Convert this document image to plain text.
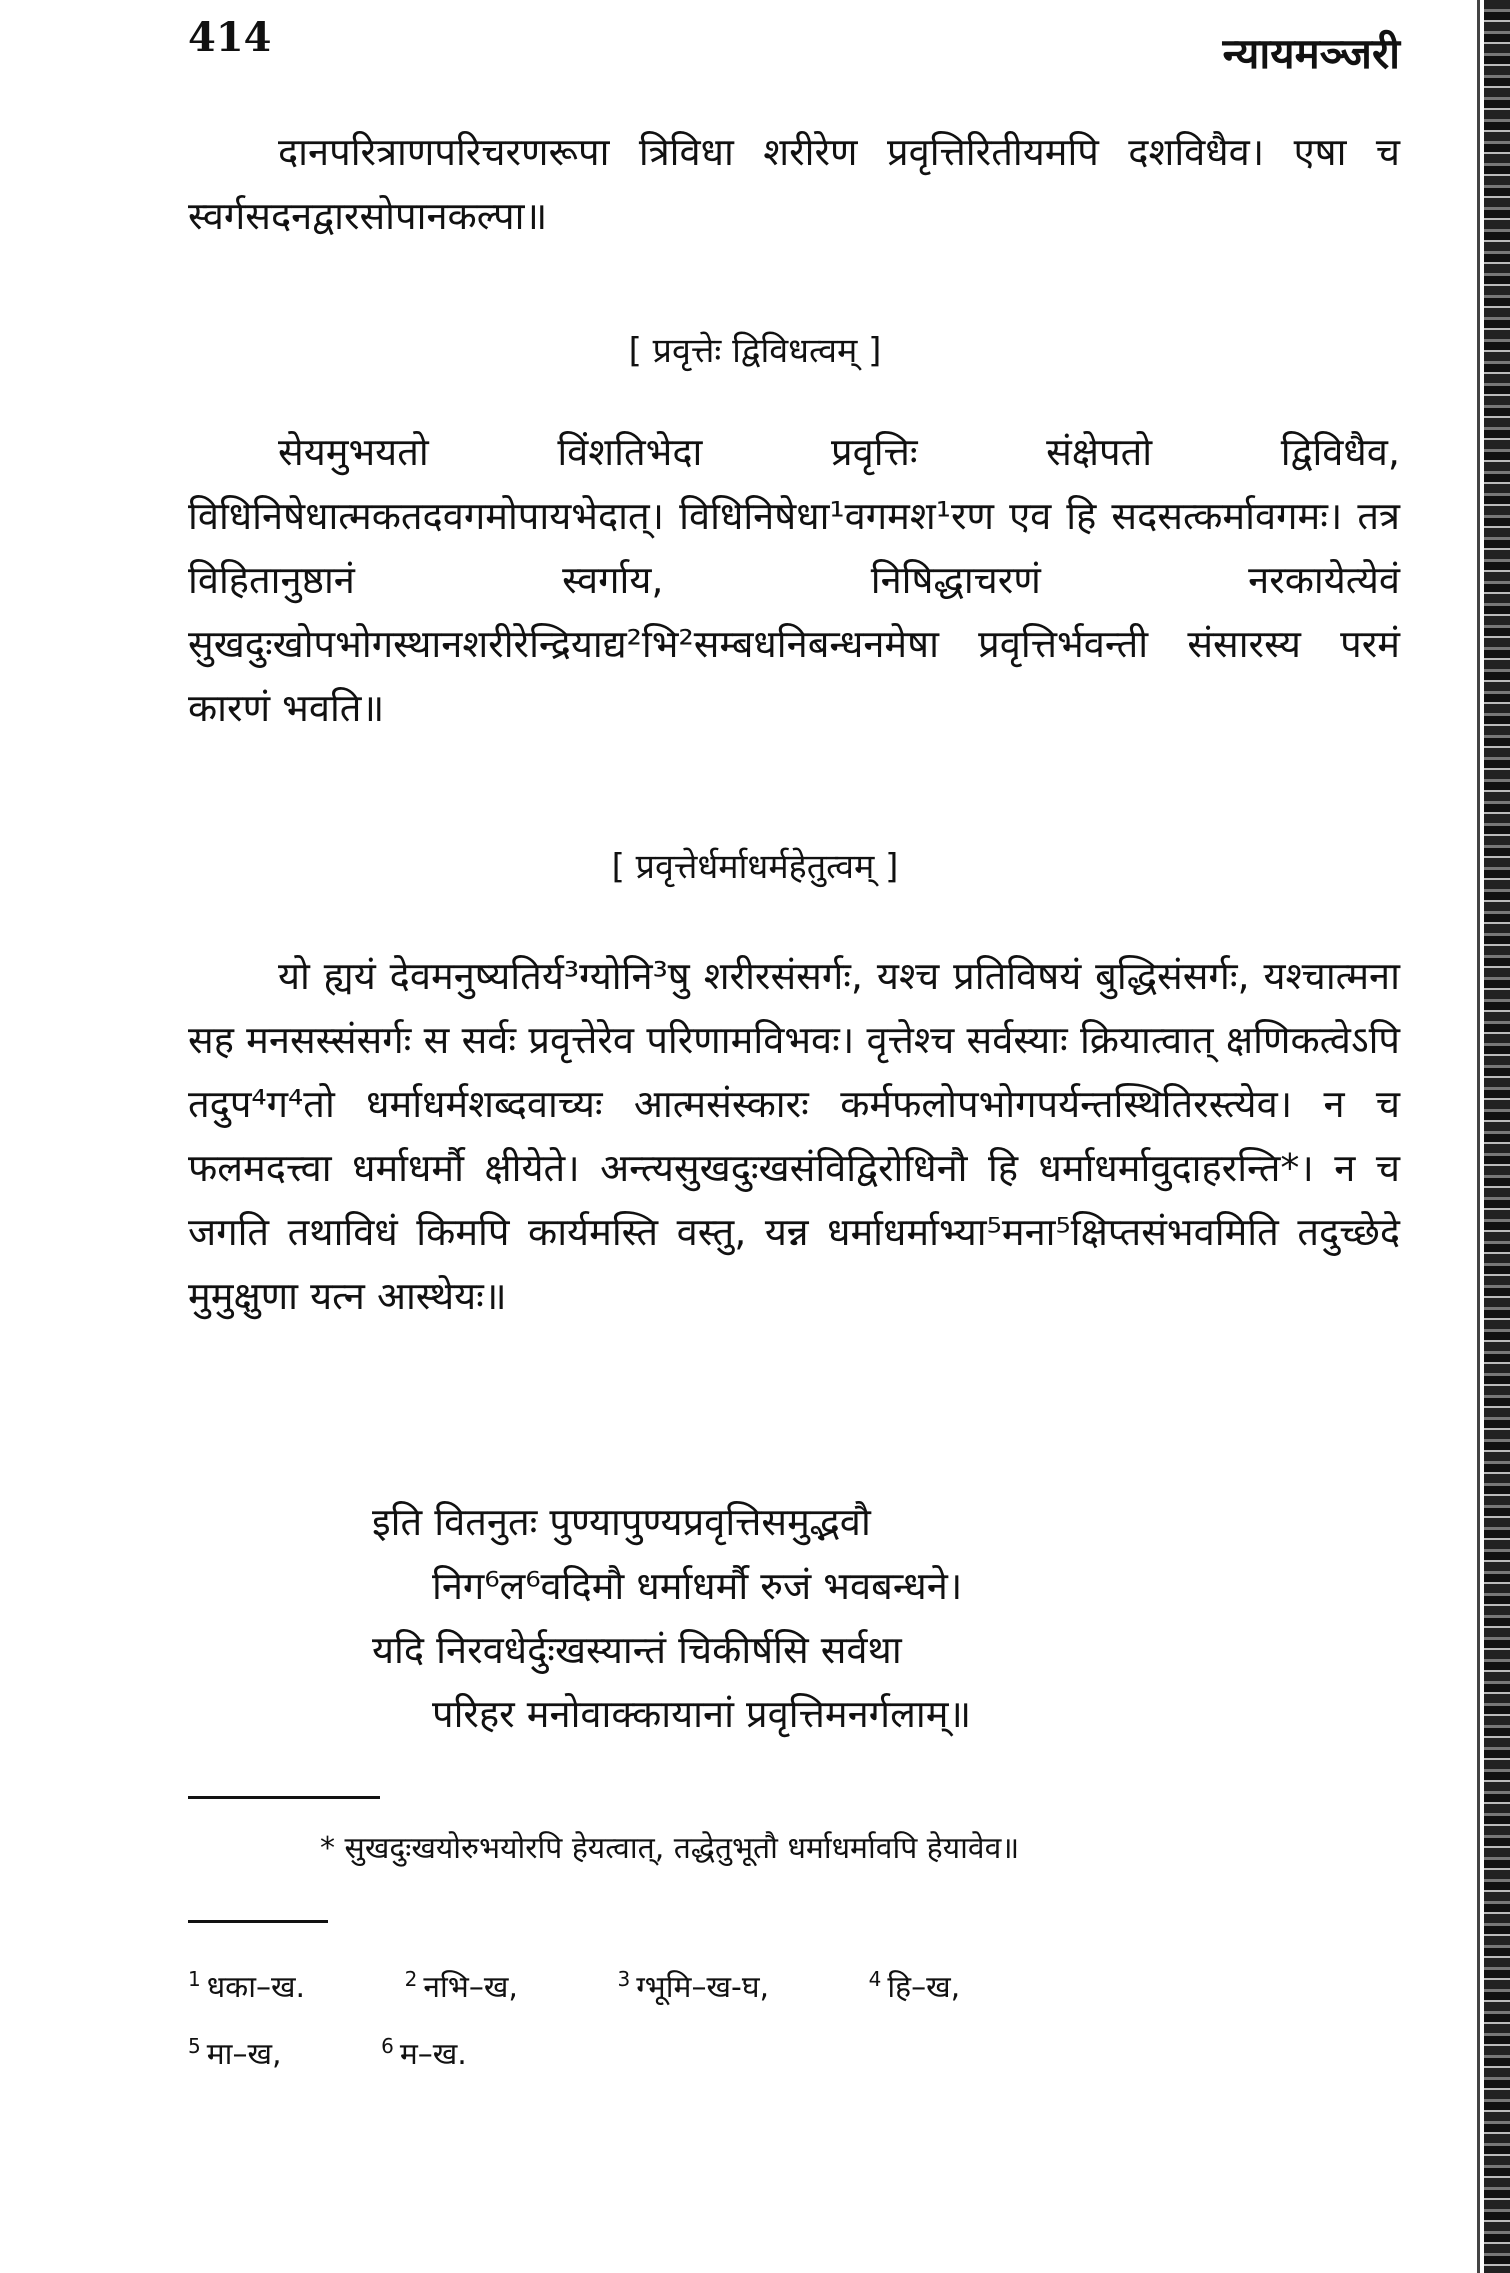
414	न्यायमञ्जरी
दानपरित्राणपरिचरणरूपा त्रिविधा शरीरेण प्रवृत्तिरितीयमपि दशविधैव। एषा च स्वर्गसदनद्वारसोपानकल्पा॥
[ प्रवृत्तेः द्विविधत्वम् ]
सेयमुभयतो विंशतिभेदा प्रवृत्तिः संक्षेपतो द्विविधैव, विधिनिषेधात्मकतदवगमोपायभेदात्। विधिनिषेधा¹वगमश¹रण एव हि सदसत्कर्मावगमः। तत्र विहितानुष्ठानं स्वर्गाय, निषिद्धाचरणं नरकायेत्येवं सुखदुःखोपभोगस्थानशरीरेन्द्रियाद्य²भि²सम्बधनिबन्धनमेषा प्रवृत्तिर्भवन्ती संसारस्य परमं कारणं भवति॥
[ प्रवृत्तेर्धर्माधर्महेतुत्वम् ]
यो ह्ययं देवमनुष्यतिर्य³ग्योनि³षु शरीरसंसर्गः, यश्च प्रतिविषयं बुद्धिसंसर्गः, यश्चात्मना सह मनसस्संसर्गः स सर्वः प्रवृत्तेरेव परिणामविभवः। वृत्तेश्च सर्वस्याः क्रियात्वात् क्षणिकत्वेऽपि तदुप⁴ग⁴तो धर्माधर्मशब्दवाच्यः आत्मसंस्कारः कर्मफलोपभोगपर्यन्तस्थितिरस्त्येव। न च फलमदत्त्वा धर्माधर्मौ क्षीयेते। अन्त्यसुखदुःखसंविद्विरोधिनौ हि धर्माधर्मावुदाहरन्ति*। न च जगति तथाविधं किमपि कार्यमस्ति वस्तु, यन्न धर्माधर्माभ्या⁵मना⁵क्षिप्तसंभवमिति तदुच्छेदे मुमुक्षुणा यत्न आस्थेयः॥
इति वितनुतः पुण्यापुण्यप्रवृत्तिसमुद्भवौ
निग⁶ल⁶वदिमौ धर्माधर्मौ रुजं भवबन्धने।
यदि निरवधेर्दुःखस्यान्तं चिकीर्षसि सर्वथा
परिहर मनोवाक्कायानां प्रवृत्तिमनर्गलाम्॥
* सुखदुःखयोरुभयोरपि हेयत्वात्, तद्धेतुभूतौ धर्माधर्मावपि हेयावेव॥
$^1$ धका–ख.	$^2$ नभि–ख,	$^3$ ग्भूमि–ख-घ,	$^4$ हि–ख,
$^5$ मा–ख,	$^6$ म–ख.
